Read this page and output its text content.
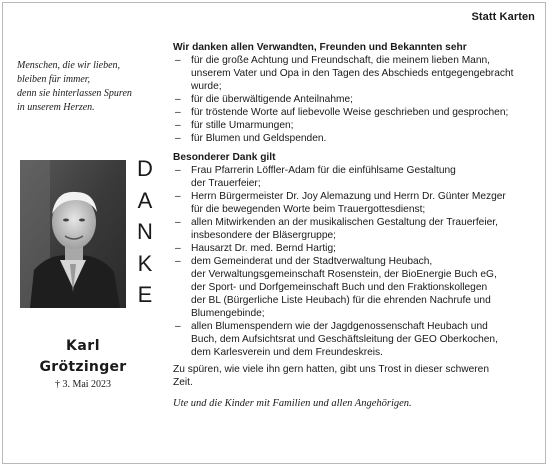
Statt Karten
Menschen, die wir lieben,
bleiben für immer,
denn sie hinterlassen Spuren
in unserem Herzen.
D
A
N
K
E
Karl
Grötzinger
† 3. Mai 2023
Wir danken allen Verwandten, Freunden und Bekannten sehr
– für die große Achtung und Freundschaft, die meinem lieben Mann,
unserem Vater und Opa in den Tagen des Abschieds entgegengebracht
wurde;
– für die überwältigende Anteilnahme;
– für tröstende Worte auf liebevolle Weise geschrieben und gesprochen;
– für stille Umarmungen;
– für Blumen und Geldspenden.
Besonderer Dank gilt
– Frau Pfarrerin Löffler-Adam für die einfühlsame Gestaltung
der Trauerfeier;
– Herrn Bürgermeister Dr. Joy Alemazung und Herrn Dr. Günter Mezger
für die bewegenden Worte beim Trauergottesdienst;
– allen Mitwirkenden an der musikalischen Gestaltung der Trauerfeier,
insbesondere der Bläsergruppe;
– Hausarzt Dr. med. Bernd Hartig;
– dem Gemeinderat und der Stadtverwaltung Heubach,
der Verwaltungsgemeinschaft Rosenstein, der BioEnergie Buch eG,
der Sport- und Dorfgemeinschaft Buch und den Fraktionskollegen
der BL (Bürgerliche Liste Heubach) für die ehrenden Nachrufe und
Blumengebinde;
– allen Blumenspendern wie der Jagdgenossenschaft Heubach und
Buch, dem Aufsichtsrat und Geschäftsleitung der GEO Oberkochen,
dem Karlesverein und dem Freundeskreis.
Zu spüren, wie viele ihn gern hatten, gibt uns Trost in dieser schweren
Zeit.
Ute und die Kinder mit Familien und allen Angehörigen.
